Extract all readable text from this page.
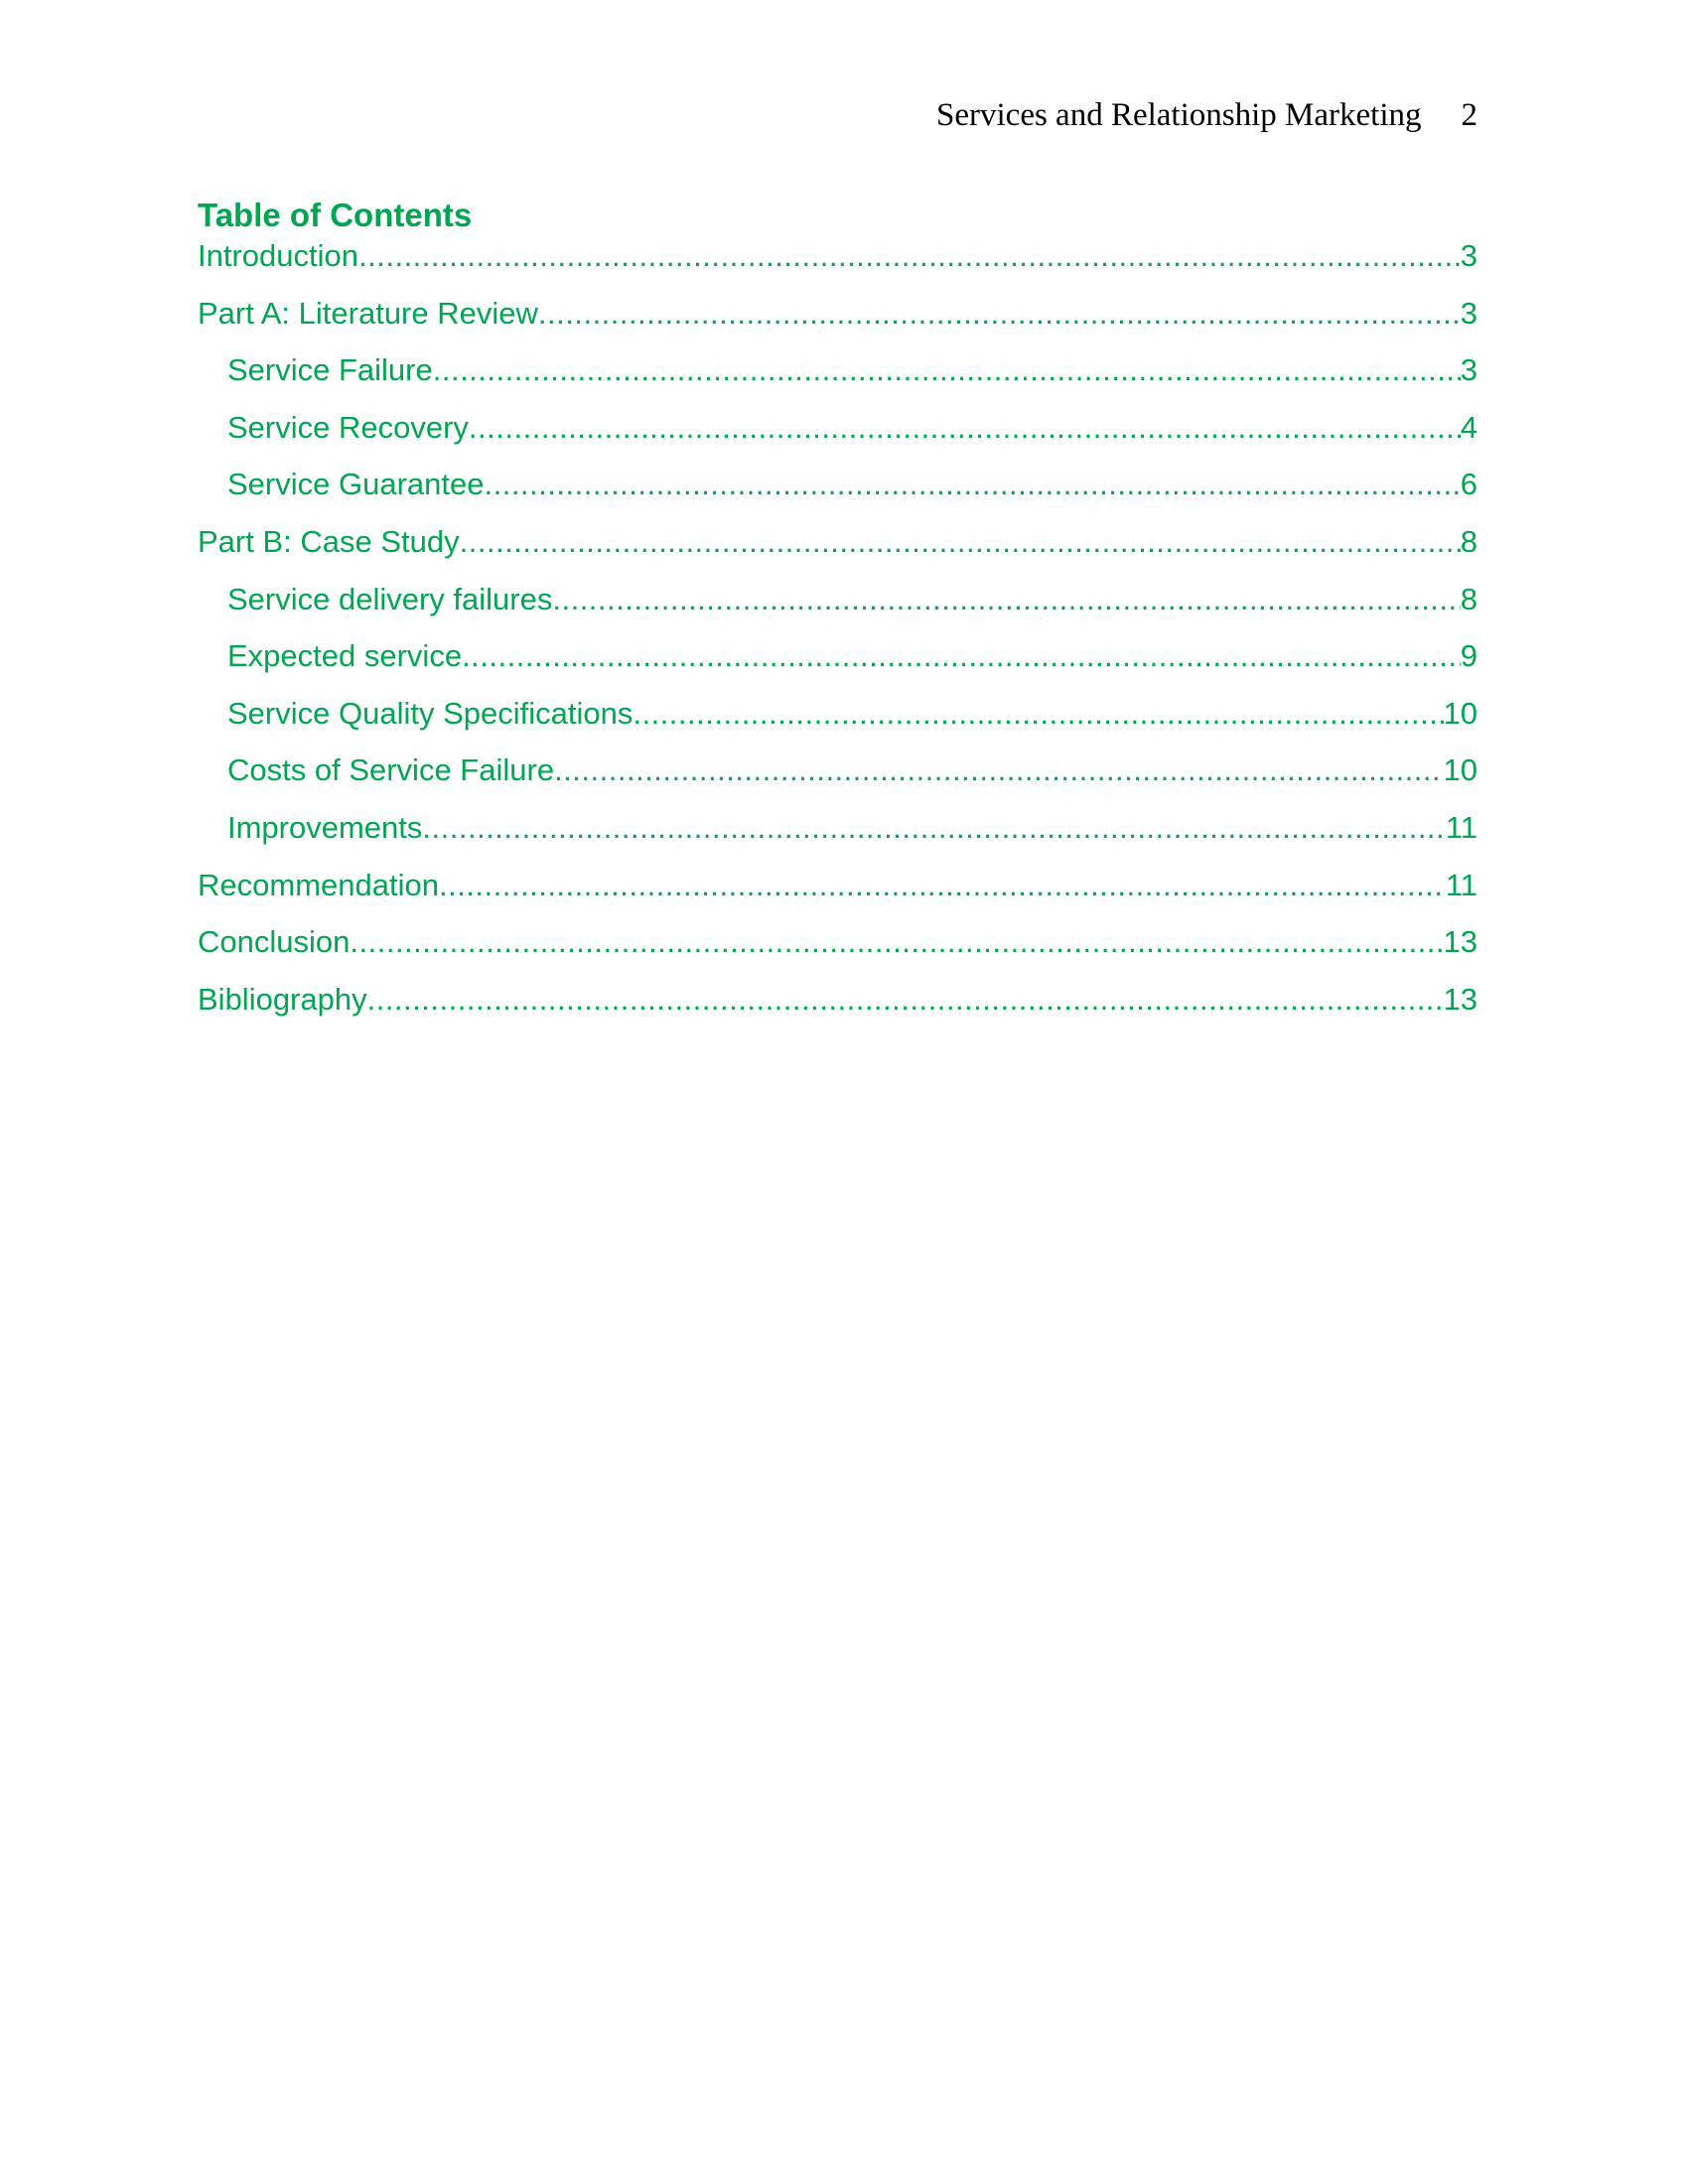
Services and Relationship Marketing 2
Table of Contents
Introduction .....	3
Part A: Literature Review .....	3
Service Failure .....	3
Service Recovery .....	4
Service Guarantee .....	6
Part B: Case Study .....	8
Service delivery failures .....	8
Expected service .....	9
Service Quality Specifications .....	10
Costs of Service Failure .....	10
Improvements .....	11
Recommendation .....	11
Conclusion .....	13
Bibliography .....	13
